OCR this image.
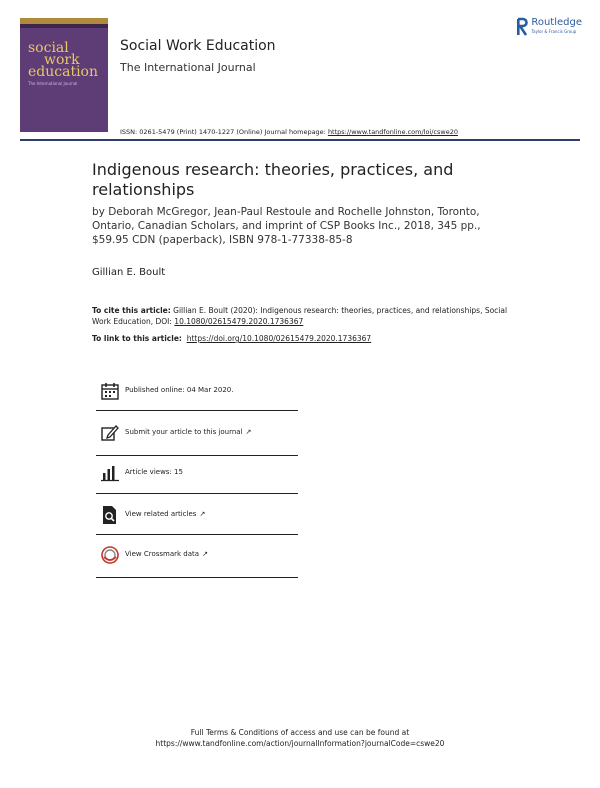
social
work
education
The International Journal
Social Work Education
The International Journal
Routledge
Taylor & Francis Group
ISSN: 0261-5479 (Print) 1470-1227 (Online) Journal homepage: https://www.tandfonline.com/loi/cswe20
Indigenous research: theories, practices, and relationships
by Deborah McGregor, Jean-Paul Restoule and Rochelle Johnston, Toronto, Ontario, Canadian Scholars, and imprint of CSP Books Inc., 2018, 345 pp., $59.95 CDN (paperback), ISBN 978-1-77338-85-8
Gillian E. Boult
To cite this article: Gillian E. Boult (2020): Indigenous research: theories, practices, and relationships, Social Work Education, DOI: 10.1080/02615479.2020.1736367
To link to this article: https://doi.org/10.1080/02615479.2020.1736367
Published online: 04 Mar 2020.
Submit your article to this journal ↗
Article views: 15
View related articles ↗
View Crossmark data ↗
Full Terms & Conditions of access and use can be found at
https://www.tandfonline.com/action/journalInformation?journalCode=cswe20
